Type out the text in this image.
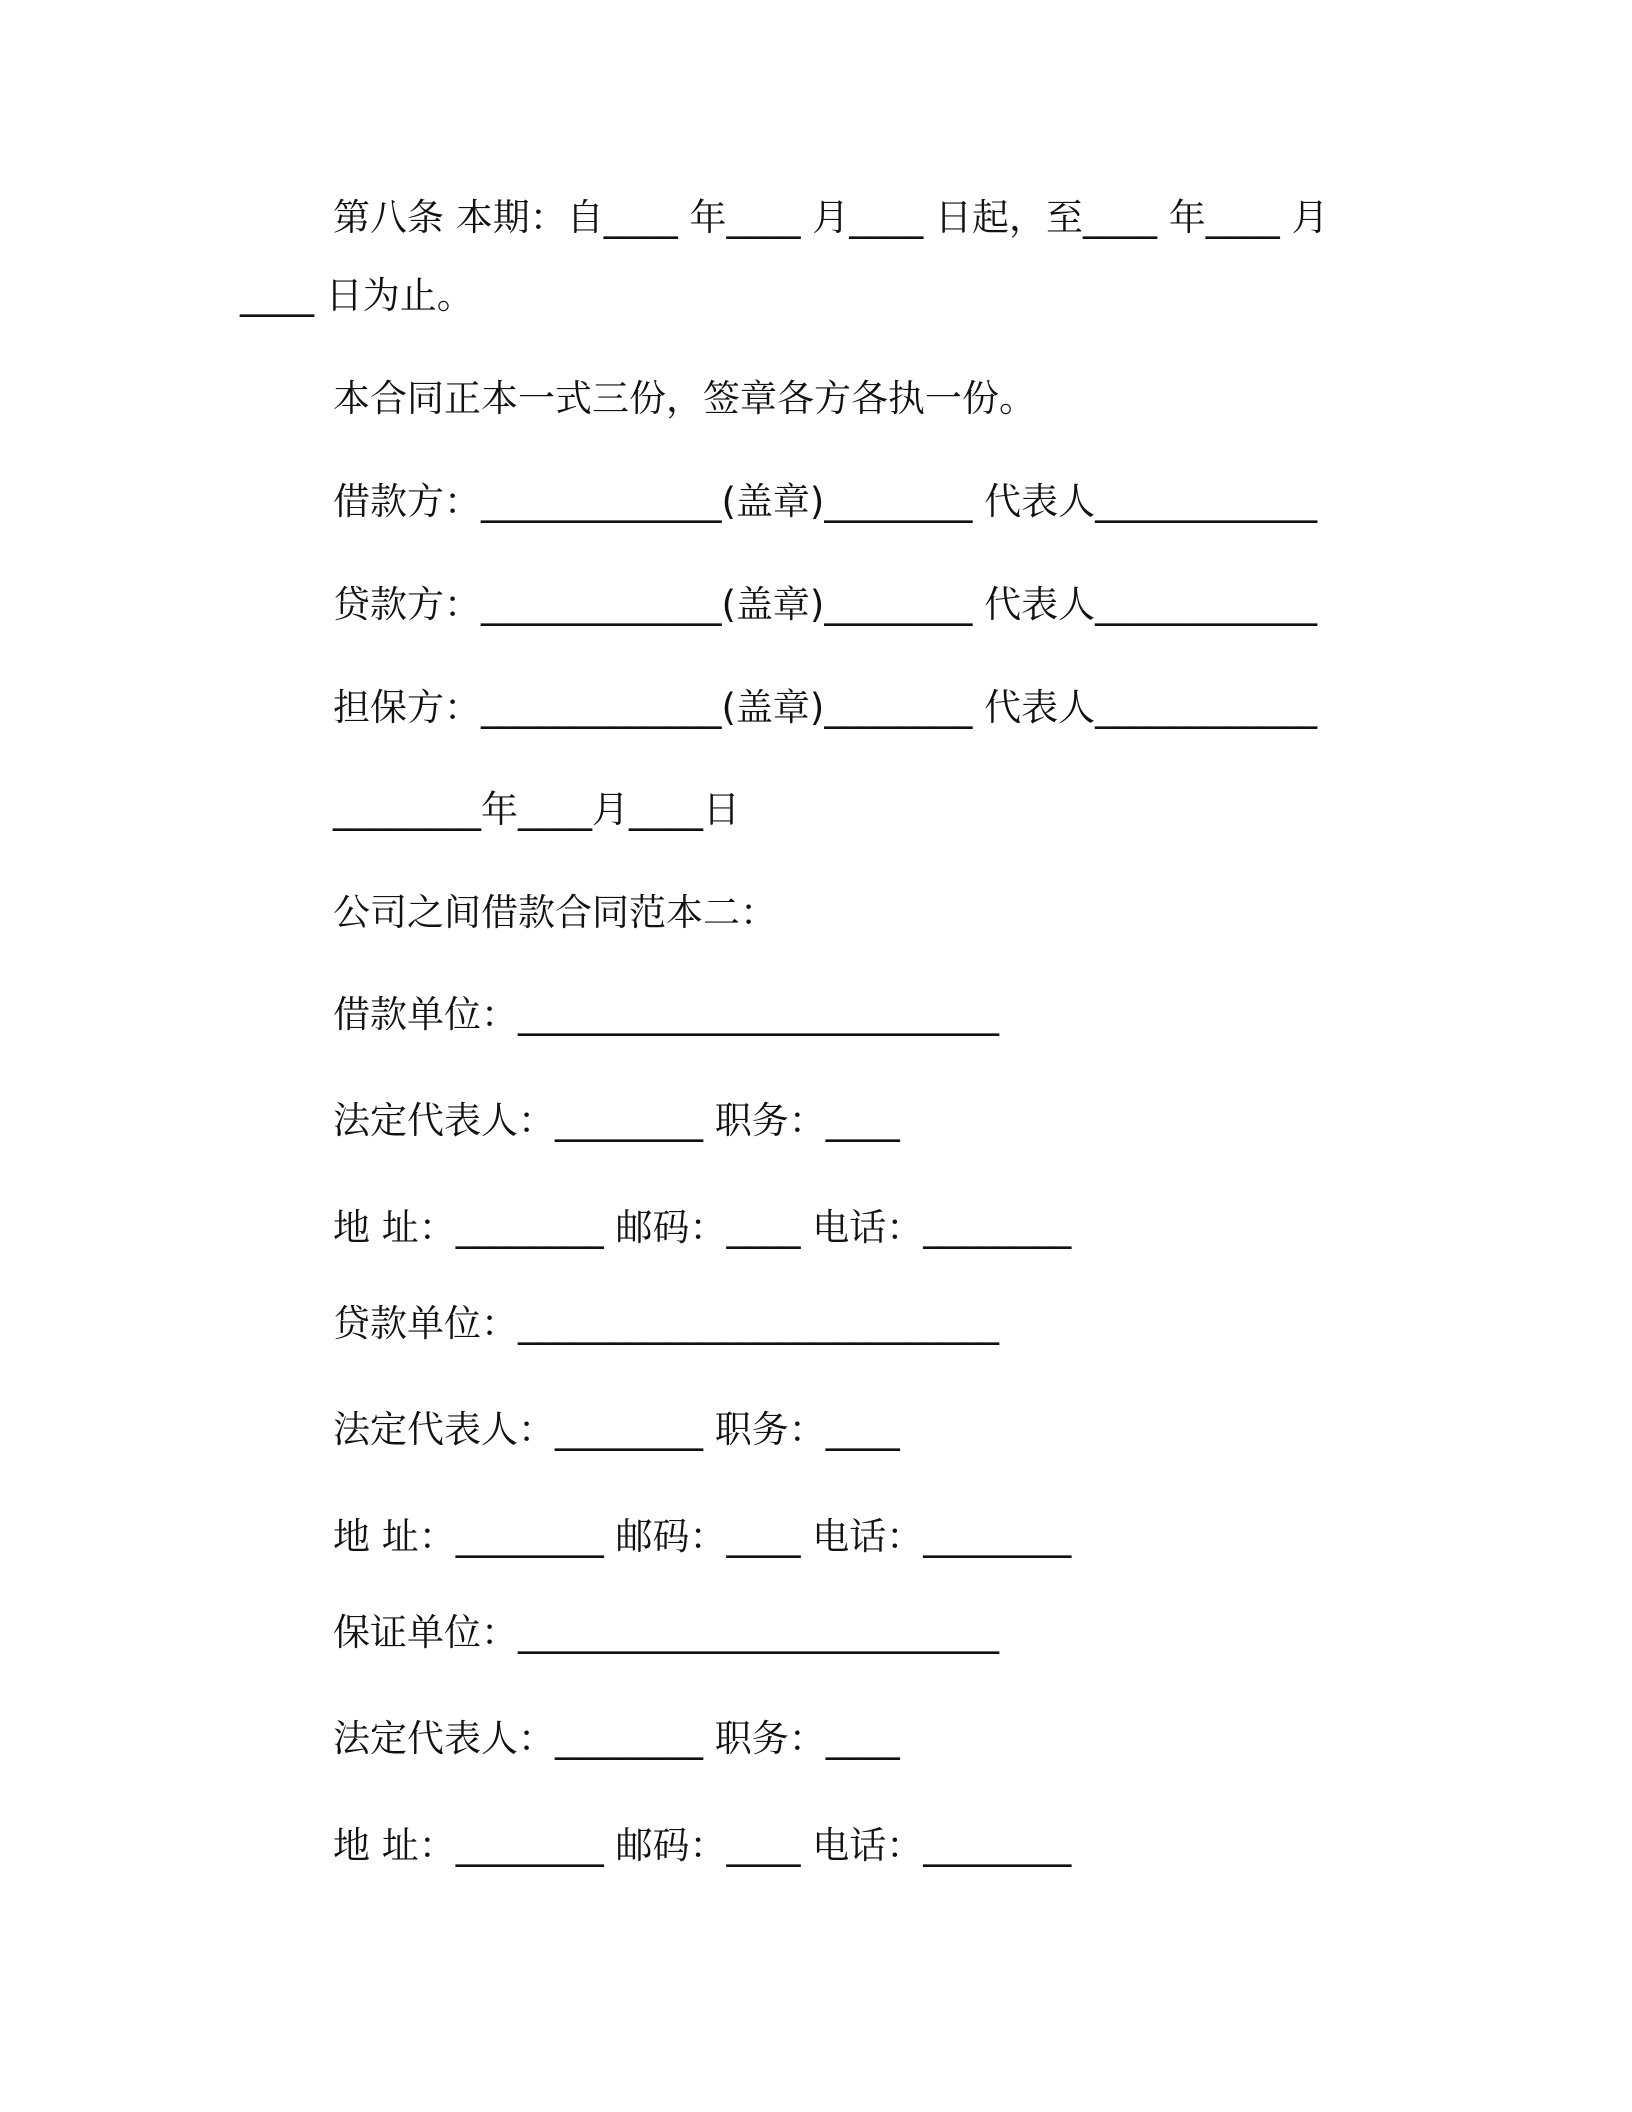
第八条 本期：自____ 年____ 月____ 日起，至____ 年____ 月
____ 日为止。
本合同正本一式三份，签章各方各执一份。
借款方：_____________(盖章)________ 代表人____________
贷款方：_____________(盖章)________ 代表人____________
担保方：_____________(盖章)________ 代表人____________
________年____月____日
公司之间借款合同范本二：
借款单位：__________________________
法定代表人：________ 职务：____
地 址：________ 邮码：____ 电话：________
贷款单位：__________________________
法定代表人：________ 职务：____
地 址：________ 邮码：____ 电话：________
保证单位：__________________________
法定代表人：________ 职务：____
地 址：________ 邮码：____ 电话：________
